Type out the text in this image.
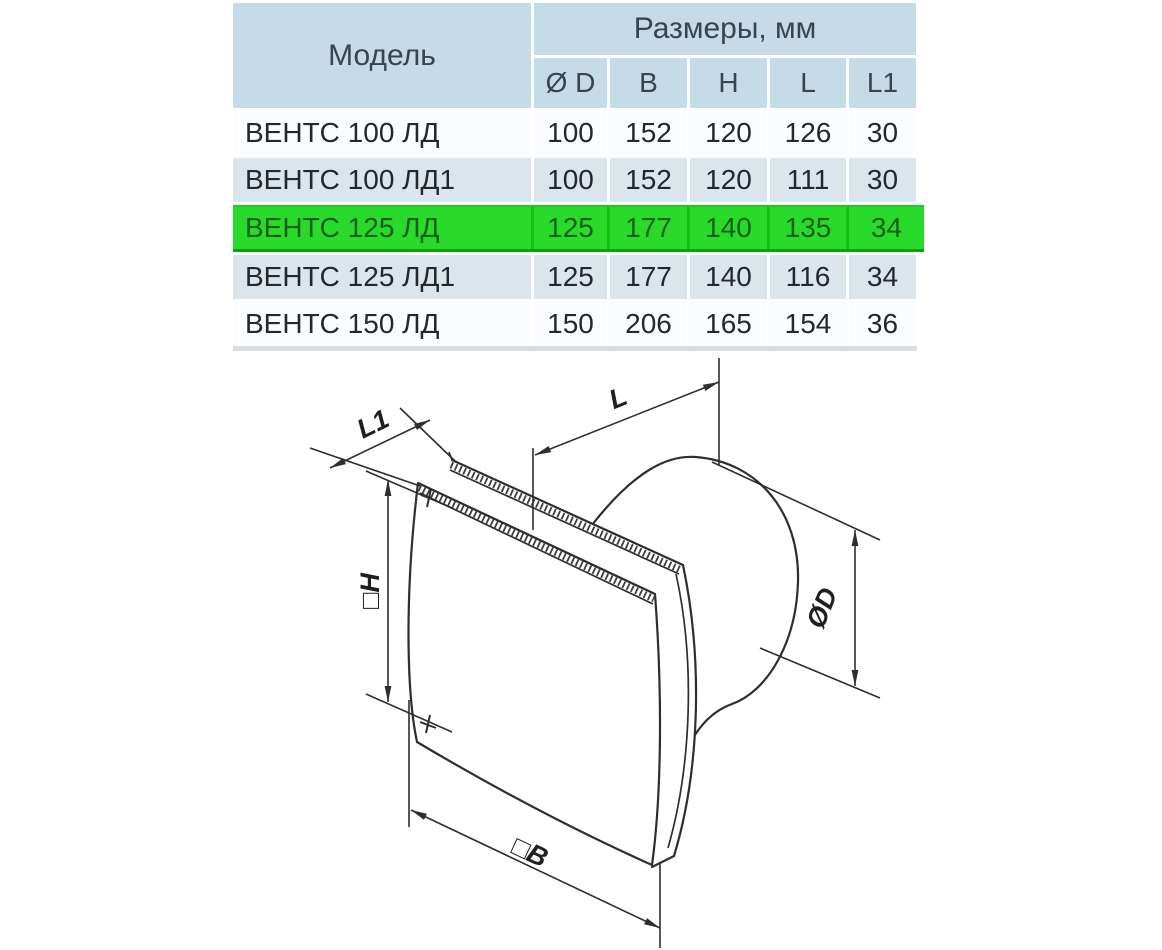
Модель
Размеры, мм
Ø D	B	H	L	L1
ВЕНТС 100 ЛД	100	152	120	126	30
ВЕНТС 100 ЛД1	100	152	120	111	30
ВЕНТС 125 ЛД	125	177	140	135	34
ВЕНТС 125 ЛД1	125	177	140	116	34
ВЕНТС 150 ЛД	150	206	165	154	36
L1
L
□H
□B
ØD
